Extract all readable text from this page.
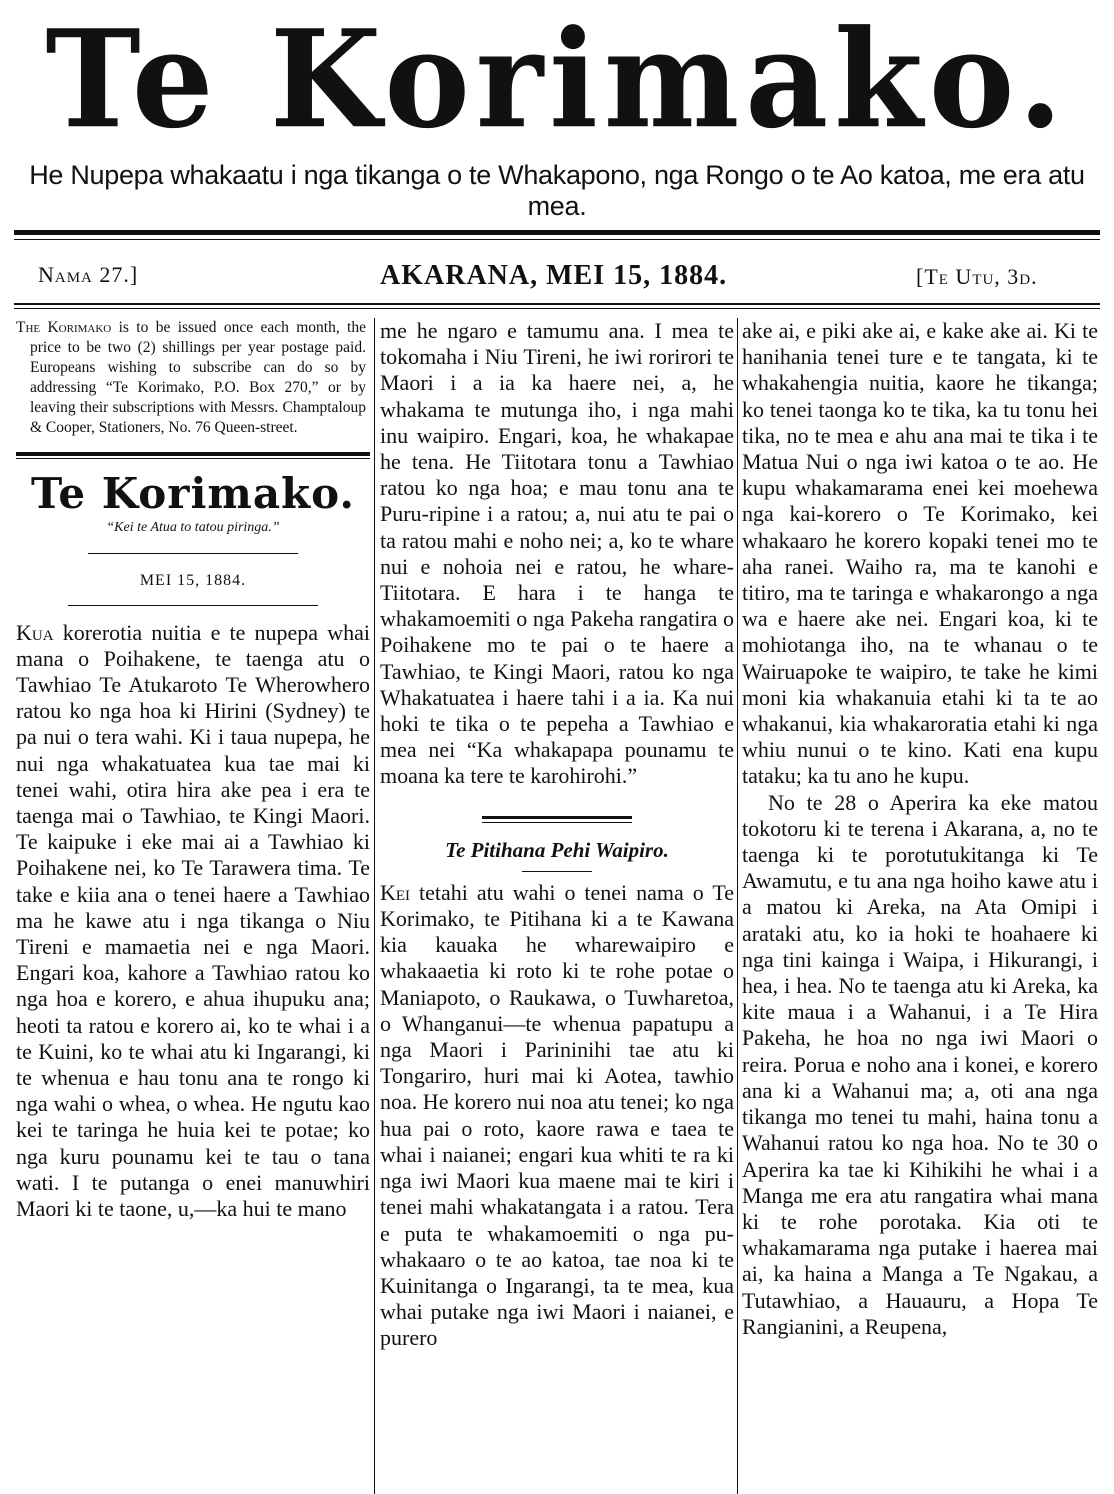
Te Korimako.
He Nupepa whakaatu i nga tikanga o te Whakapono, nga Rongo o te Ao katoa, me era atu mea.
Nama 27.]	AKARANA, MEI 15, 1884.	[Te Utu, 3d.

The Korimako is to be issued once each month, the price to be two (2) shillings per year postage paid. Europeans wishing to subscribe can do so by addressing “Te Korimako, P.O. Box 270,” or by leaving their subscriptions with Messrs. Champtaloup & Cooper, Stationers, No. 76 Queen-street.

Te Korimako.
“Kei te Atua to tatou piringa.”
MEI 15, 1884.

Kua korerotia nuitia e te nupepa whai mana o Poihakene, te taenga atu o Tawhiao Te Atukaroto Te Wherowhero ratou ko nga hoa ki Hirini (Sydney) te pa nui o tera wahi. Ki i taua nupepa, he nui nga whakatuatea kua tae mai ki tenei wahi, otira hira ake pea i era te taenga mai o Tawhiao, te Kingi Maori. Te kaipuke i eke mai ai a Tawhiao ki Poihakene nei, ko Te Tarawera tima. Te take e kiia ana o tenei haere a Tawhiao ma he kawe atu i nga tikanga o Niu Tireni e mamaetia nei e nga Maori. Engari koa, kahore a Tawhiao ratou ko nga hoa e korero, e ahua ihupuku ana; heoti ta ratou e korero ai, ko te whai i a te Kuini, ko te whai atu ki Ingarangi, ki te whenua e hau tonu ana te rongo ki nga wahi o whea, o whea. He ngutu kao kei te taringa he huia kei te potae; ko nga kuru pounamu kei te tau o tana wati. I te putanga o enei manuwhiri Maori ki te taone, u,—ka hui te mano

me he ngaro e tamumu ana. I mea te tokomaha i Niu Tireni, he iwi rorirori te Maori i a ia ka haere nei, a, he whakama te mutunga iho, i nga mahi inu waipiro. Engari, koa, he whakapae he tena. He Tiitotara tonu a Tawhiao ratou ko nga hoa; e mau tonu ana te Puru-ripine i a ratou; a, nui atu te pai o ta ratou mahi e noho nei; a, ko te whare nui e nohoia nei e ratou, he whare-Tiitotara. E hara i te hanga te whakamoemiti o nga Pakeha rangatira o Poihakene mo te pai o te haere a Tawhiao, te Kingi Maori, ratou ko nga Whakatuatea i haere tahi i a ia. Ka nui hoki te tika o te pepeha a Tawhiao e mea nei “Ka whakapapa pounamu te moana ka tere te karohirohi.”

Te Pitihana Pehi Waipiro.

Kei tetahi atu wahi o tenei nama o Te Korimako, te Pitihana ki a te Kawana kia kauaka he wharewaipiro e whakaaetia ki roto ki te rohe potae o Maniapoto, o Raukawa, o Tuwharetoa, o Whanganui—te whenua papatupu a nga Maori i Parininihi tae atu ki Tongariro, huri mai ki Aotea, tawhio noa. He korero nui noa atu tenei; ko nga hua pai o roto, kaore rawa e taea te whai i naianei; engari kua whiti te ra ki nga iwi Maori kua maene mai te kiri i tenei mahi whakatangata i a ratou. Tera e puta te whakamoemiti o nga pu-whakaaro o te ao katoa, tae noa ki te Kuinitanga o Ingarangi, ta te mea, kua whai putake nga iwi Maori i naianei, e purero

ake ai, e piki ake ai, e kake ake ai. Ki te hanihania tenei ture e te tangata, ki te whakahengia nuitia, kaore he tikanga; ko tenei taonga ko te tika, ka tu tonu hei tika, no te mea e ahu ana mai te tika i te Matua Nui o nga iwi katoa o te ao. He kupu whakamarama enei kei moehewa nga kai-korero o Te Korimako, kei whakaaro he korero kopaki tenei mo te aha ranei. Waiho ra, ma te kanohi e titiro, ma te taringa e whakarongo a nga wa e haere ake nei. Engari koa, ki te mohiotanga iho, na te whanau o te Wairuapoke te waipiro, te take he kimi moni kia whakanuia etahi ki ta te ao whakanui, kia whakaroratia etahi ki nga whiu nunui o te kino. Kati ena kupu tataku; ka tu ano he kupu.

No te 28 o Aperira ka eke matou tokotoru ki te terena i Akarana, a, no te taenga ki te porotutukitanga ki Te Awamutu, e tu ana nga hoiho kawe atu i a matou ki Areka, na Ata Omipi i arataki atu, ko ia hoki te hoahaere ki nga tini kainga i Waipa, i Hikurangi, i hea, i hea. No te taenga atu ki Areka, ka kite maua i a Wahanui, i a Te Hira Pakeha, he hoa no nga iwi Maori o reira. Porua e noho ana i konei, e korero ana ki a Wahanui ma; a, oti ana nga tikanga mo tenei tu mahi, haina tonu a Wahanui ratou ko nga hoa. No te 30 o Aperira ka tae ki Kihikihi he whai i a Manga me era atu rangatira whai mana ki te rohe porotaka. Kia oti te whakamarama nga putake i haerea mai ai, ka haina a Manga a Te Ngakau, a Tutawhiao, a Hauauru, a Hopa Te Rangianini, a Reupena,
